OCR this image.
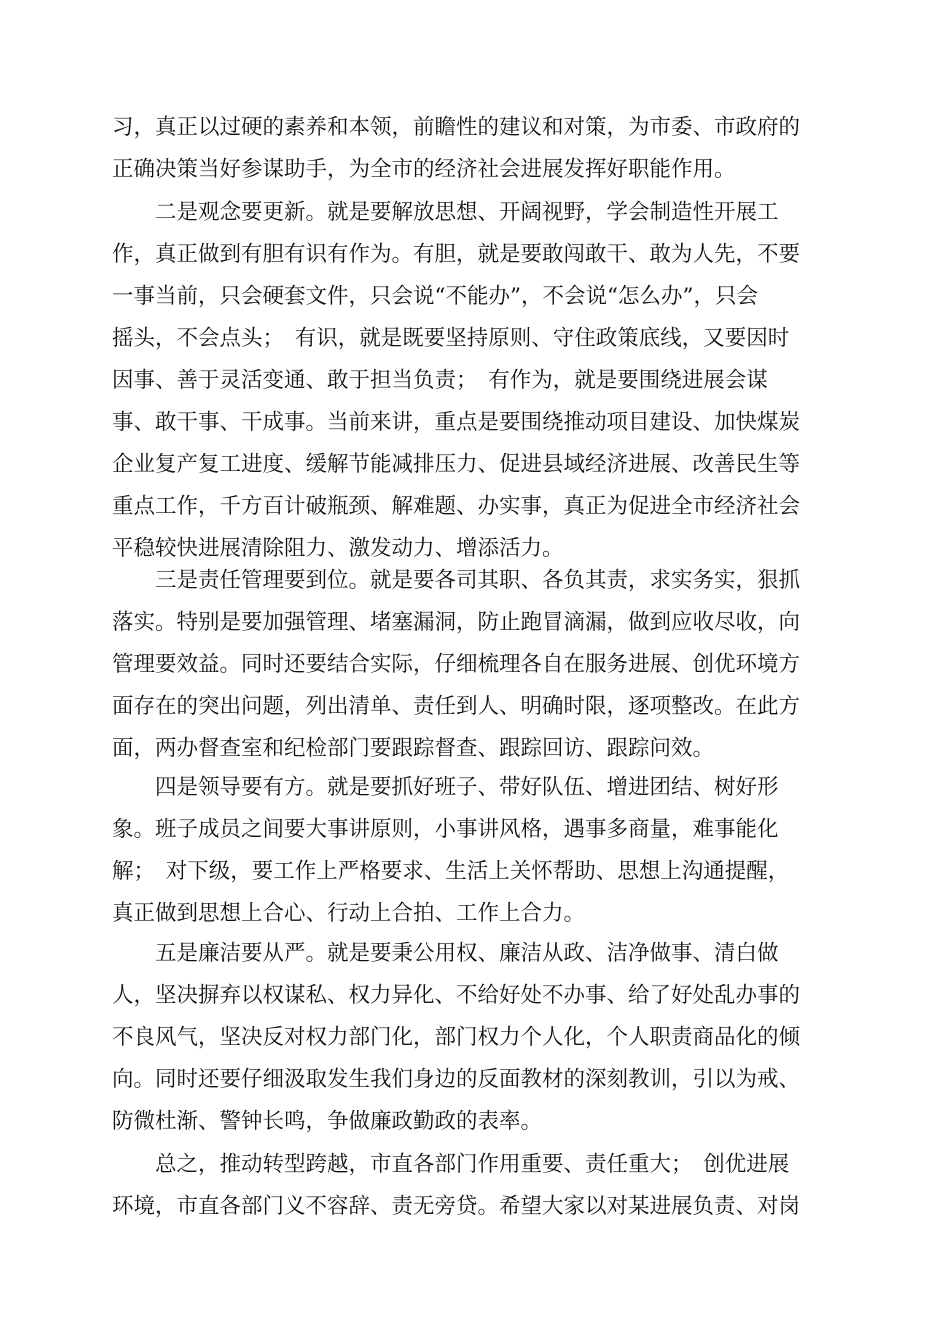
习，真正以过硬的素养和本领，前瞻性的建议和对策，为市委、市政府的
正确决策当好参谋助手，为全市的经济社会进展发挥好职能作用。

　　二是观念要更新。就是要解放思想、开阔视野，学会制造性开展工
作，真正做到有胆有识有作为。有胆，就是要敢闯敢干、敢为人先，不要
一事当前，只会硬套文件，只会说“不能办”，不会说“怎么办”，只会
摇头，不会点头；　有识，就是既要坚持原则、守住政策底线，又要因时
因事、善于灵活变通、敢于担当负责；　有作为，就是要围绕进展会谋
事、敢干事、干成事。当前来讲，重点是要围绕推动项目建设、加快煤炭
企业复产复工进度、缓解节能减排压力、促进县域经济进展、改善民生等
重点工作，千方百计破瓶颈、解难题、办实事，真正为促进全市经济社会
平稳较快进展清除阻力、激发动力、增添活力。

　　三是责任管理要到位。就是要各司其职、各负其责，求实务实，狠抓
落实。特别是要加强管理、堵塞漏洞，防止跑冒滴漏，做到应收尽收，向
管理要效益。同时还要结合实际，仔细梳理各自在服务进展、创优环境方
面存在的突出问题，列出清单、责任到人、明确时限，逐项整改。在此方
面，两办督查室和纪检部门要跟踪督查、跟踪回访、跟踪问效。

　　四是领导要有方。就是要抓好班子、带好队伍、增进团结、树好形
象。班子成员之间要大事讲原则，小事讲风格，遇事多商量，难事能化
解；　对下级，要工作上严格要求、生活上关怀帮助、思想上沟通提醒，
真正做到思想上合心、行动上合拍、工作上合力。

　　五是廉洁要从严。就是要秉公用权、廉洁从政、洁净做事、清白做
人，坚决摒弃以权谋私、权力异化、不给好处不办事、给了好处乱办事的
不良风气，坚决反对权力部门化，部门权力个人化，个人职责商品化的倾
向。同时还要仔细汲取发生我们身边的反面教材的深刻教训，引以为戒、
防微杜渐、警钟长鸣，争做廉政勤政的表率。

　　总之，推动转型跨越，市直各部门作用重要、责任重大；　创优进展
环境，市直各部门义不容辞、责无旁贷。希望大家以对某进展负责、对岗
